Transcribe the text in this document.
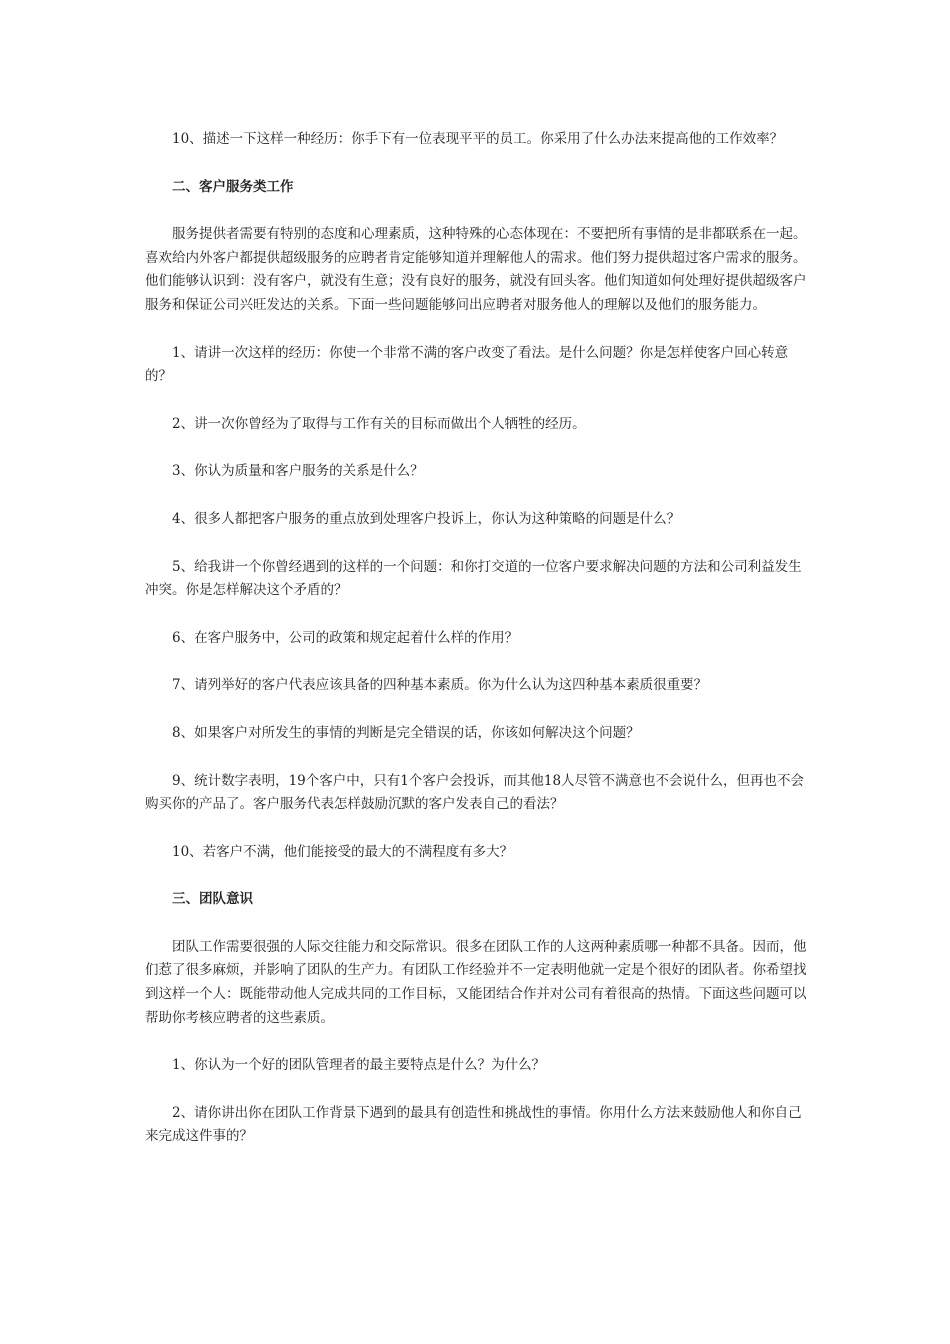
10、描述一下这样一种经历：你手下有一位表现平平的员工。你采用了什么办法来提高他的工作效率？

二、客户服务类工作

服务提供者需要有特别的态度和心理素质，这种特殊的心态体现在：不要把所有事情的是非都联系在一起。喜欢给内外客户都提供超级服务的应聘者肯定能够知道并理解他人的需求。他们努力提供超过客户需求的服务。他们能够认识到：没有客户，就没有生意；没有良好的服务，就没有回头客。他们知道如何处理好提供超级客户服务和保证公司兴旺发达的关系。下面一些问题能够问出应聘者对服务他人的理解以及他们的服务能力。

1、请讲一次这样的经历：你使一个非常不满的客户改变了看法。是什么问题？你是怎样使客户回心转意的？

2、讲一次你曾经为了取得与工作有关的目标而做出个人牺牲的经历。

3、你认为质量和客户服务的关系是什么？

4、很多人都把客户服务的重点放到处理客户投诉上，你认为这种策略的问题是什么？

5、给我讲一个你曾经遇到的这样的一个问题：和你打交道的一位客户要求解决问题的方法和公司利益发生冲突。你是怎样解决这个矛盾的？

6、在客户服务中，公司的政策和规定起着什么样的作用？

7、请列举好的客户代表应该具备的四种基本素质。你为什么认为这四种基本素质很重要？

8、如果客户对所发生的事情的判断是完全错误的话，你该如何解决这个问题？

9、统计数字表明，19个客户中，只有1个客户会投诉，而其他18人尽管不满意也不会说什么，但再也不会购买你的产品了。客户服务代表怎样鼓励沉默的客户发表自己的看法？

10、若客户不满，他们能接受的最大的不满程度有多大？

三、团队意识

团队工作需要很强的人际交往能力和交际常识。很多在团队工作的人这两种素质哪一种都不具备。因而，他们惹了很多麻烦，并影响了团队的生产力。有团队工作经验并不一定表明他就一定是个很好的团队者。你希望找到这样一个人：既能带动他人完成共同的工作目标，又能团结合作并对公司有着很高的热情。下面这些问题可以帮助你考核应聘者的这些素质。

1、你认为一个好的团队管理者的最主要特点是什么？为什么？

2、请你讲出你在团队工作背景下遇到的最具有创造性和挑战性的事情。你用什么方法来鼓励他人和你自己来完成这件事的？
